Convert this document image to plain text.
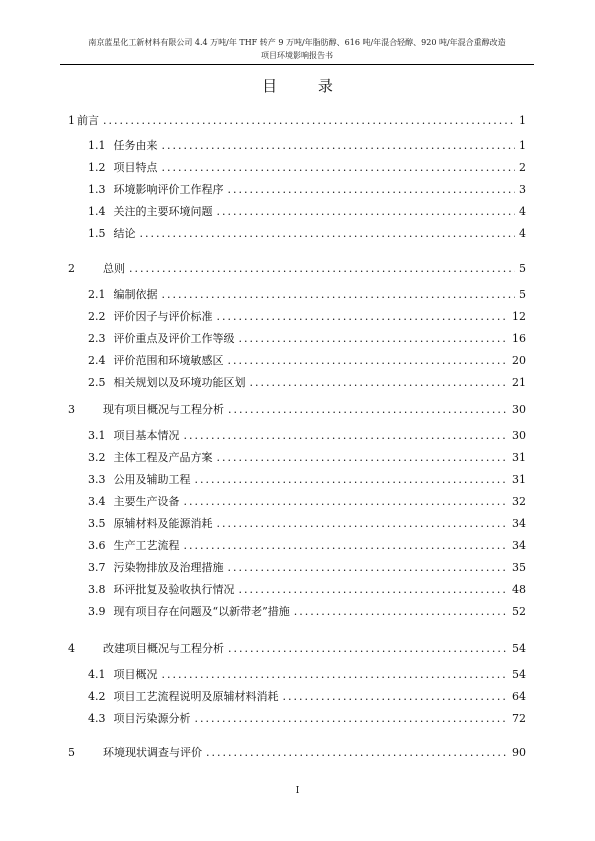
南京蓝星化工新材料有限公司 4.4 万吨/年 THF 转产 9 万吨/年脂肪醇、616 吨/年混合轻醇、920 吨/年混合重醇改造
项目环境影响报告书
目 录
1 前言 .....	1
1.1 任务由来 .....	1
1.2 项目特点 .....	2
1.3 环境影响评价工作程序 .....	3
1.4 关注的主要环境问题 .....	4
1.5 结论 .....	4
2	总则 .....	5
2.1 编制依据 .....	5
2.2 评价因子与评价标准 .....	12
2.3 评价重点及评价工作等级 .....	16
2.4 评价范围和环境敏感区 .....	20
2.5 相关规划以及环境功能区划 .....	21
3	现有项目概况与工程分析 .....	30
3.1 项目基本情况 .....	30
3.2 主体工程及产品方案 .....	31
3.3 公用及辅助工程 .....	31
3.4 主要生产设备 .....	32
3.5 原辅材料及能源消耗 .....	34
3.6 生产工艺流程 .....	34
3.7 污染物排放及治理措施 .....	35
3.8 环评批复及验收执行情况 .....	48
3.9 现有项目存在问题及“以新带老”措施 .....	52
4	改建项目概况与工程分析 .....	54
4.1 项目概况 .....	54
4.2 项目工艺流程说明及原辅材料消耗 .....	64
4.3 项目污染源分析 .....	72
5	环境现状调查与评价 .....	90
I
